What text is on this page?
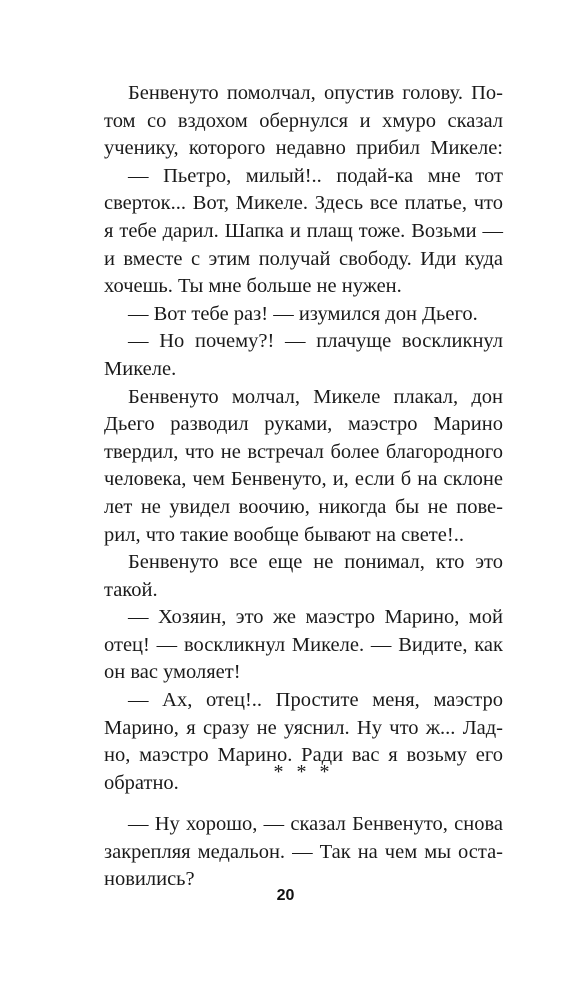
Бенвенуто помолчал, опустив голову. По-
том со вздохом обернулся и хмуро сказал
ученику, которого недавно прибил Микеле:
— Пьетро, милый!.. подай-ка мне тот
сверток... Вот, Микеле. Здесь все платье, что
я тебе дарил. Шапка и плащ тоже. Возьми —
и вместе с этим получай свободу. Иди куда
хочешь. Ты мне больше не нужен.
— Вот тебе раз! — изумился дон Дьего.
— Но почему?! — плачуще воскликнул
Микеле.
Бенвенуто молчал, Микеле плакал, дон
Дьего разводил руками, маэстро Марино
твердил, что не встречал более благородного
человека, чем Бенвенуто, и, если б на склоне
лет не увидел воочию, никогда бы не пове-
рил, что такие вообще бывают на свете!..
Бенвенуто все еще не понимал, кто это
такой.
— Хозяин, это же маэстро Марино, мой
отец! — воскликнул Микеле. — Видите, как
он вас умоляет!
— Ах, отец!.. Простите меня, маэстро
Марино, я сразу не уяснил. Ну что ж... Лад-
но, маэстро Марино. Ради вас я возьму его
обратно.	* * *
— Ну хорошо, — сказал Бенвенуто, снова
закрепляя медальон. — Так на чем мы оста-
новились?
20
